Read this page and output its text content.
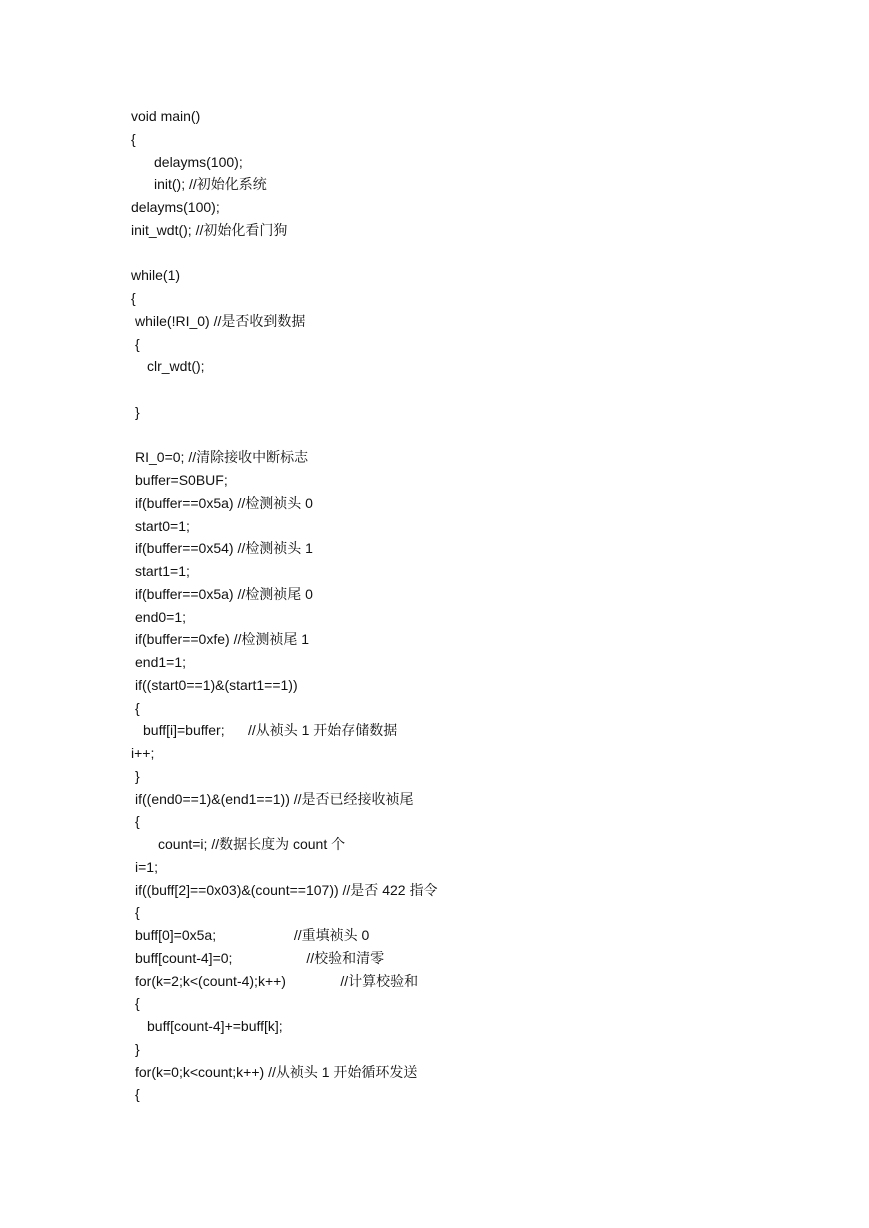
void main()
{
delayms(100);
init(); //初始化系统
delayms(100);
init_wdt(); //初始化看门狗
while(1)
{
while(!RI_0) //是否收到数据
{
clr_wdt();
}
RI_0=0; //清除接收中断标志
buffer=S0BUF;
if(buffer==0x5a) //检测祯头 0
start0=1;
if(buffer==0x54) //检测祯头 1
start1=1;
if(buffer==0x5a) //检测祯尾 0
end0=1;
if(buffer==0xfe) //检测祯尾 1
end1=1;
if((start0==1)&(start1==1))
{
buff[i]=buffer;      //从祯头 1 开始存储数据
i++;
}
if((end0==1)&(end1==1)) //是否已经接收祯尾
{
count=i; //数据长度为 count 个
i=1;
if((buff[2]==0x03)&(count==107)) //是否 422 指令
{
buff[0]=0x5a;                    //重填祯头 0
buff[count-4]=0;                   //校验和清零
for(k=2;k<(count-4);k++)              //计算校验和
{
buff[count-4]+=buff[k];
}
for(k=0;k<count;k++) //从祯头 1 开始循环发送
{
